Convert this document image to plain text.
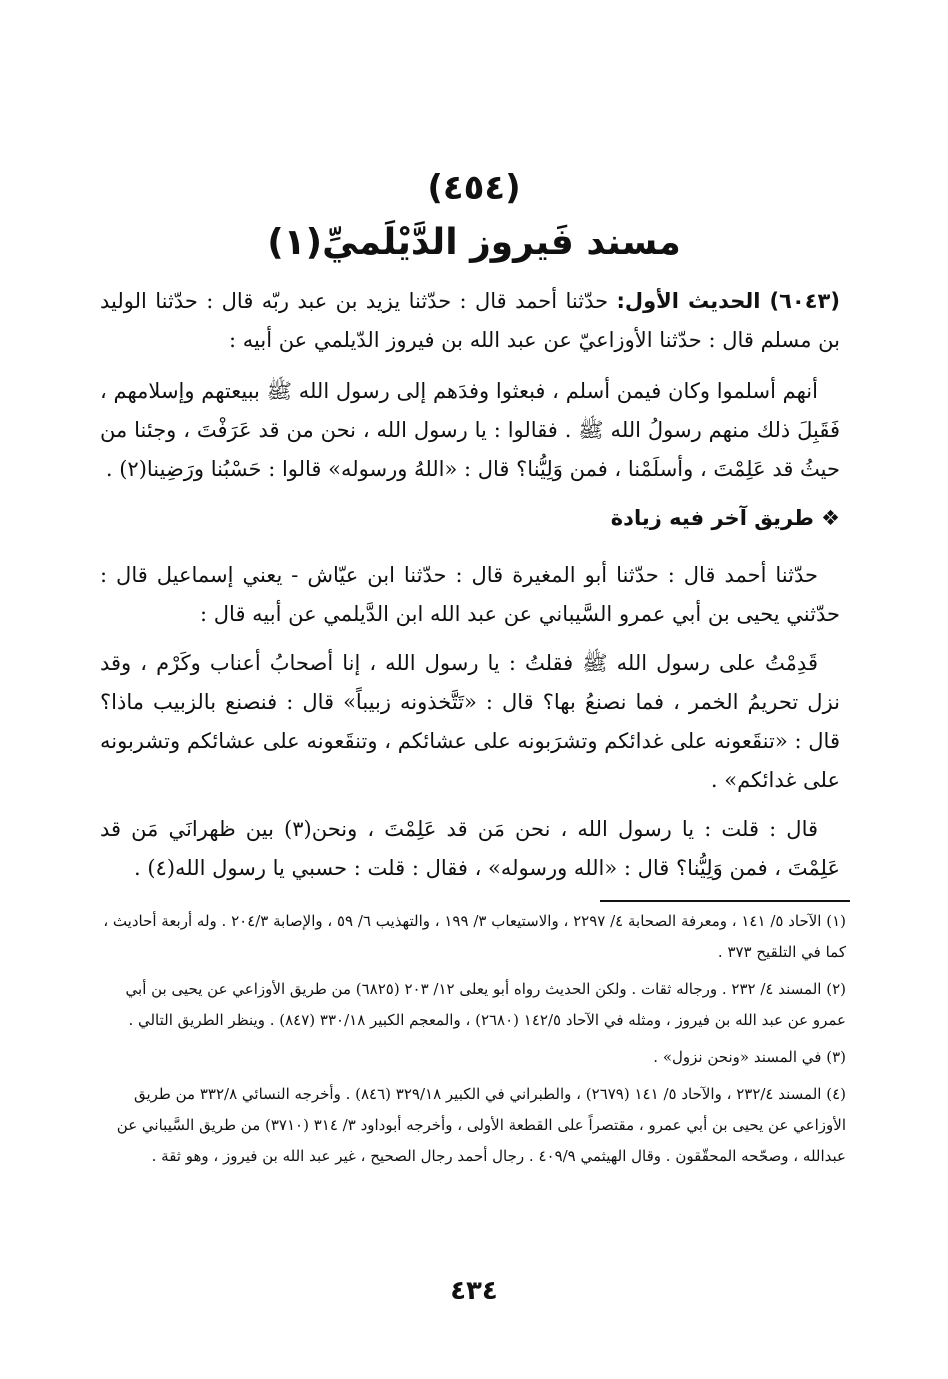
(٤٥٤)
مسند فَيروز الدَّيْلَميِّ(١)

(٦٠٤٣) الحديث الأول: حدّثنا أحمد قال : حدّثنا يزيد بن عبد ربّه قال : حدّثنا الوليد بن مسلم قال : حدّثنا الأوزاعيّ عن عبد الله بن فيروز الدّيلمي عن أبيه :

أنهم أسلموا وكان فيمن أسلم ، فبعثوا وفدَهم إلى رسول الله ﷺ ببيعتهم وإسلامهم ، فَقَبِلَ ذلك منهم رسولُ الله ﷺ . فقالوا : يا رسول الله ، نحن من قد عَرَفْتَ ، وجئنا من حيثُ قد عَلِمْتَ ، وأسلَمْنا ، فمن وَلِيُّنا؟ قال : «اللهُ ورسوله» قالوا : حَسْبُنا ورَضِينا(٢) .

❖ طريق آخر فيه زيادة

حدّثنا أحمد قال : حدّثنا أبو المغيرة قال : حدّثنا ابن عيّاش - يعني إسماعيل قال : حدّثني يحيى بن أبي عمرو السَّيباني عن عبد الله ابن الدَّيلمي عن أبيه قال :

قَدِمْتُ على رسول الله ﷺ فقلتُ : يا رسول الله ، إنا أصحابُ أعناب وكَرْم ، وقد نزل تحريمُ الخمر ، فما نصنعُ بها؟ قال : «تَتَّخذونه زبيباً» قال : فنصنع بالزبيب ماذا؟ قال : «تنقَعونه على غدائكم وتشرَبونه على عشائكم ، وتنقَعونه على عشائكم وتشربونه على غدائكم» .

قال : قلت : يا رسول الله ، نحن مَن قد عَلِمْتَ ، ونحن(٣) بين ظهرانَي مَن قد عَلِمْتَ ، فمن وَلِيُّنا؟ قال : «الله ورسوله» ، فقال : قلت : حسبي يا رسول الله(٤) .

(١) الآحاد ٥/ ١٤١ ، ومعرفة الصحابة ٤/ ٢٢٩٧ ، والاستيعاب ٣/ ١٩٩ ، والتهذيب ٦/ ٥٩ ، والإصابة ٢٠٤/٣ . وله أربعة أحاديث ، كما في التلقيح ٣٧٣ .

(٢) المسند ٤/ ٢٣٢ . ورجاله ثقات . ولكن الحديث رواه أبو يعلى ١٢/ ٢٠٣ (٦٨٢٥) من طريق الأوزاعي عن يحيى بن أبي عمرو عن عبد الله بن فيروز ، ومثله في الآحاد ١٤٢/٥ (٢٦٨٠) ، والمعجم الكبير ٣٣٠/١٨ (٨٤٧) . وينظر الطريق التالي .

(٣) في المسند «ونحن نزول» .

(٤) المسند ٢٣٢/٤ ، والآحاد ٥/ ١٤١ (٢٦٧٩) ، والطبراني في الكبير ٣٢٩/١٨ (٨٤٦) . وأخرجه النسائي ٣٣٢/٨ من طريق الأوزاعي عن يحيى بن أبي عمرو ، مقتصراً على القطعة الأولى ، وأخرجه أبوداود ٣/ ٣١٤ (٣٧١٠) من طريق السَّيباني عن عبدالله ، وصحّحه المحقّقون . وقال الهيثمي ٤٠٩/٩ . رجال أحمد رجال الصحيح ، غير عبد الله بن فيروز ، وهو ثقة .

٤٣٤
